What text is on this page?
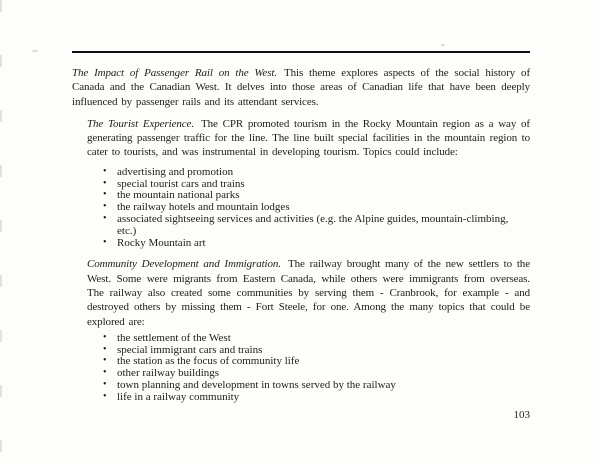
The Impact of Passenger Rail on the West. This theme explores aspects of the social history of Canada and the Canadian West. It delves into those areas of Canadian life that have been deeply influenced by passenger rails and its attendant services.

The Tourist Experience. The CPR promoted tourism in the Rocky Mountain region as a way of generating passenger traffic for the line. The line built special facilities in the mountain region to cater to tourists, and was instrumental in developing tourism. Topics could include:

• advertising and promotion
• special tourist cars and trains
• the mountain national parks
• the railway hotels and mountain lodges
• associated sightseeing services and activities (e.g. the Alpine guides, mountain-climbing, etc.)
• Rocky Mountain art

Community Development and Immigration. The railway brought many of the new settlers to the West. Some were migrants from Eastern Canada, while others were immigrants from overseas. The railway also created some communities by serving them - Cranbrook, for example - and destroyed others by missing them - Fort Steele, for one. Among the many topics that could be explored are:

• the settlement of the West
• special immigrant cars and trains
• the station as the focus of community life
• other railway buildings
• town planning and development in towns served by the railway
• life in a railway community
103
